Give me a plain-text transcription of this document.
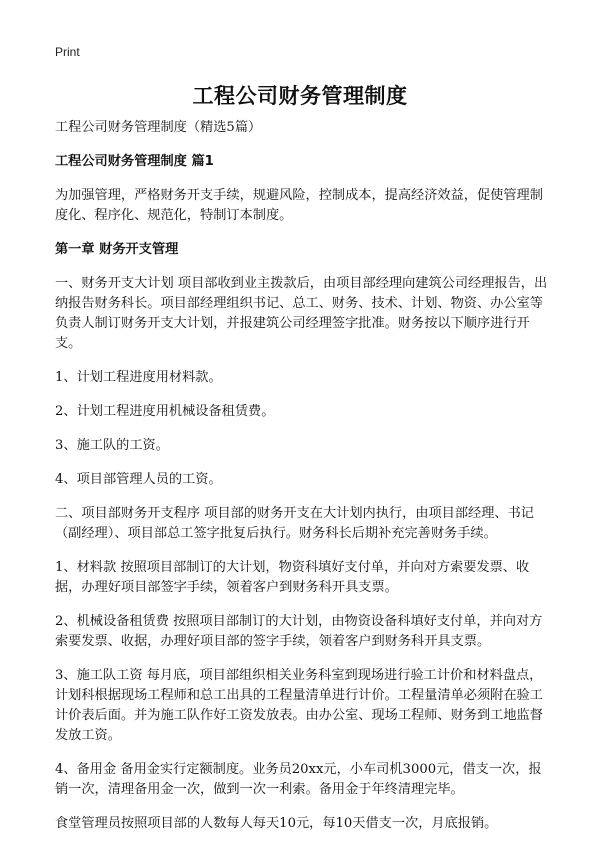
Print
工程公司财务管理制度

工程公司财务管理制度（精选5篇）

工程公司财务管理制度 篇1

为加强管理，严格财务开支手续，规避风险，控制成本，提高经济效益，促使管理制度化、程序化、规范化，特制订本制度。

第一章 财务开支管理

一、财务开支大计划 项目部收到业主拨款后，由项目部经理向建筑公司经理报告，出纳报告财务科长。项目部经理组织书记、总工、财务、技术、计划、物资、办公室等负责人制订财务开支大计划，并报建筑公司经理签字批准。财务按以下顺序进行开支。

1、计划工程进度用材料款。

2、计划工程进度用机械设备租赁费。

3、施工队的工资。

4、项目部管理人员的工资。

二、项目部财务开支程序 项目部的财务开支在大计划内执行，由项目部经理、书记（副经理）、项目部总工签字批复后执行。财务科长后期补充完善财务手续。

1、材料款 按照项目部制订的大计划，物资科填好支付单，并向对方索要发票、收据，办理好项目部签字手续，领着客户到财务科开具支票。

2、机械设备租赁费 按照项目部制订的大计划，由物资设备科填好支付单，并向对方索要发票、收据，办理好项目部的签字手续，领着客户到财务科开具支票。

3、施工队工资 每月底，项目部组织相关业务科室到现场进行验工计价和材料盘点，计划科根据现场工程师和总工出具的工程量清单进行计价。工程量清单必须附在验工计价表后面。并为施工队作好工资发放表。由办公室、现场工程师、财务到工地监督发放工资。

4、备用金 备用金实行定额制度。业务员20xx元，小车司机3000元，借支一次，报销一次，清理备用金一次，做到一次一利索。备用金于年终清理完毕。

食堂管理员按照项目部的人数每人每天10元，每10天借支一次，月底报销。
